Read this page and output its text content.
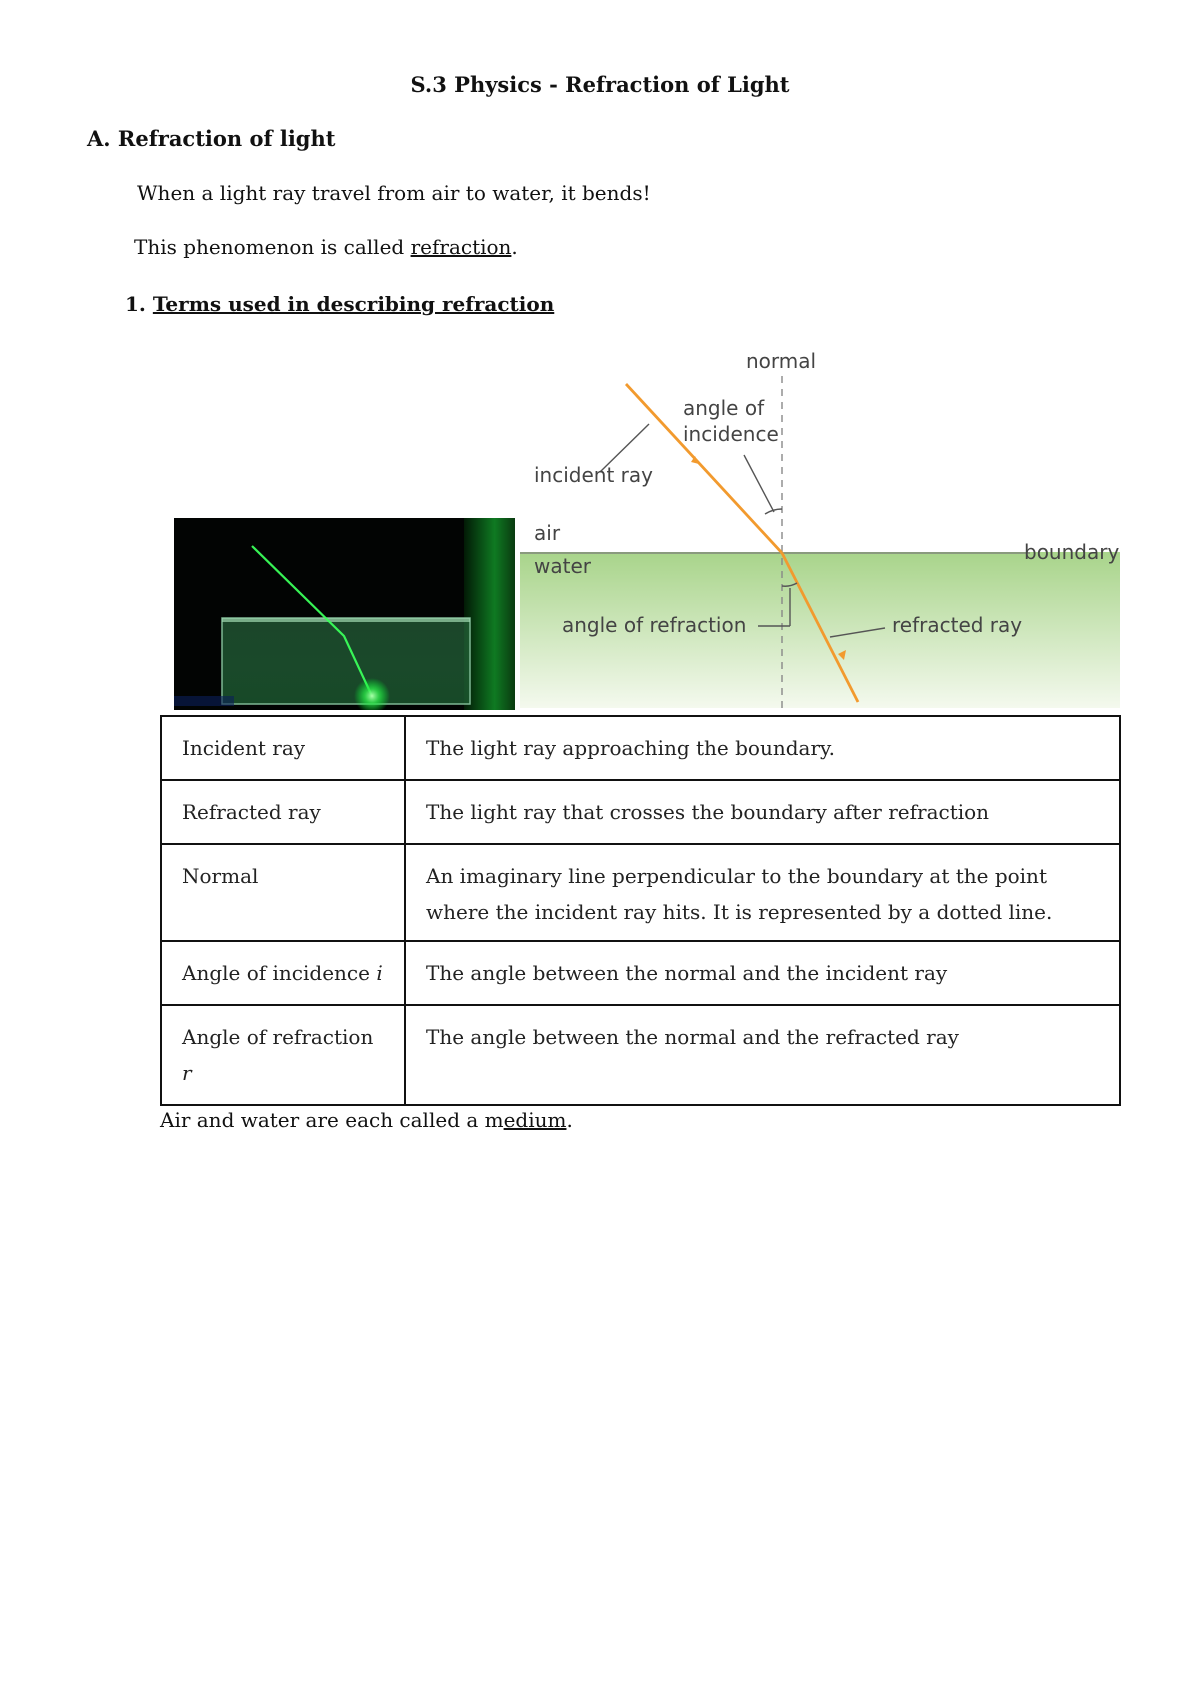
S.3 Physics - Refraction of Light
A. Refraction of light
When a light ray travel from air to water, it bends!
This phenomenon is called refraction.
1. Terms used in describing refraction
normal
angle of
incidence
incident ray
air
water
boundary
angle of refraction	refracted ray
Incident ray	The light ray approaching the boundary.
Refracted ray	The light ray that crosses the boundary after refraction
Normal	An imaginary line perpendicular to the boundary at the point where the incident ray hits. It is represented by a dotted line.
Angle of incidence i	The angle between the normal and the incident ray
Angle of refraction r	The angle between the normal and the refracted ray
Air and water are each called a medium.
